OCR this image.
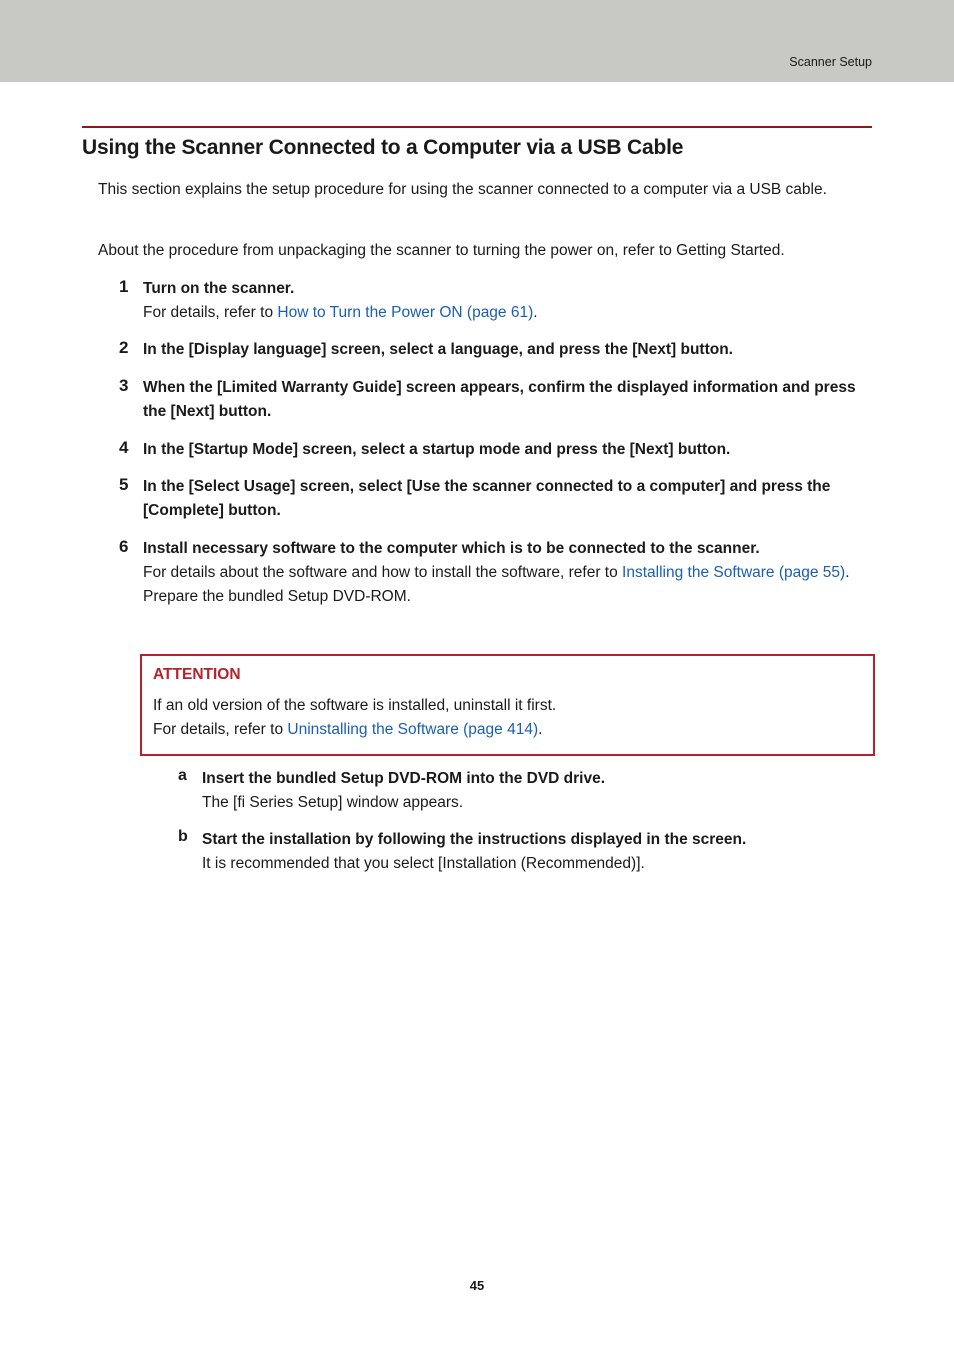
Scanner Setup
Using the Scanner Connected to a Computer via a USB Cable

This section explains the setup procedure for using the scanner connected to a computer via a USB cable.

About the procedure from unpackaging the scanner to turning the power on, refer to Getting Started.

1 Turn on the scanner.
For details, refer to How to Turn the Power ON (page 61).
2 In the [Display language] screen, select a language, and press the [Next] button.
3 When the [Limited Warranty Guide] screen appears, confirm the displayed information and press the [Next] button.
4 In the [Startup Mode] screen, select a startup mode and press the [Next] button.
5 In the [Select Usage] screen, select [Use the scanner connected to a computer] and press the [Complete] button.
6 Install necessary software to the computer which is to be connected to the scanner.
For details about the software and how to install the software, refer to Installing the Software (page 55).
Prepare the bundled Setup DVD-ROM.
ATTENTION
If an old version of the software is installed, uninstall it first.
For details, refer to Uninstalling the Software (page 414).
a Insert the bundled Setup DVD-ROM into the DVD drive.
The [fi Series Setup] window appears.
b Start the installation by following the instructions displayed in the screen.
It is recommended that you select [Installation (Recommended)].
45
